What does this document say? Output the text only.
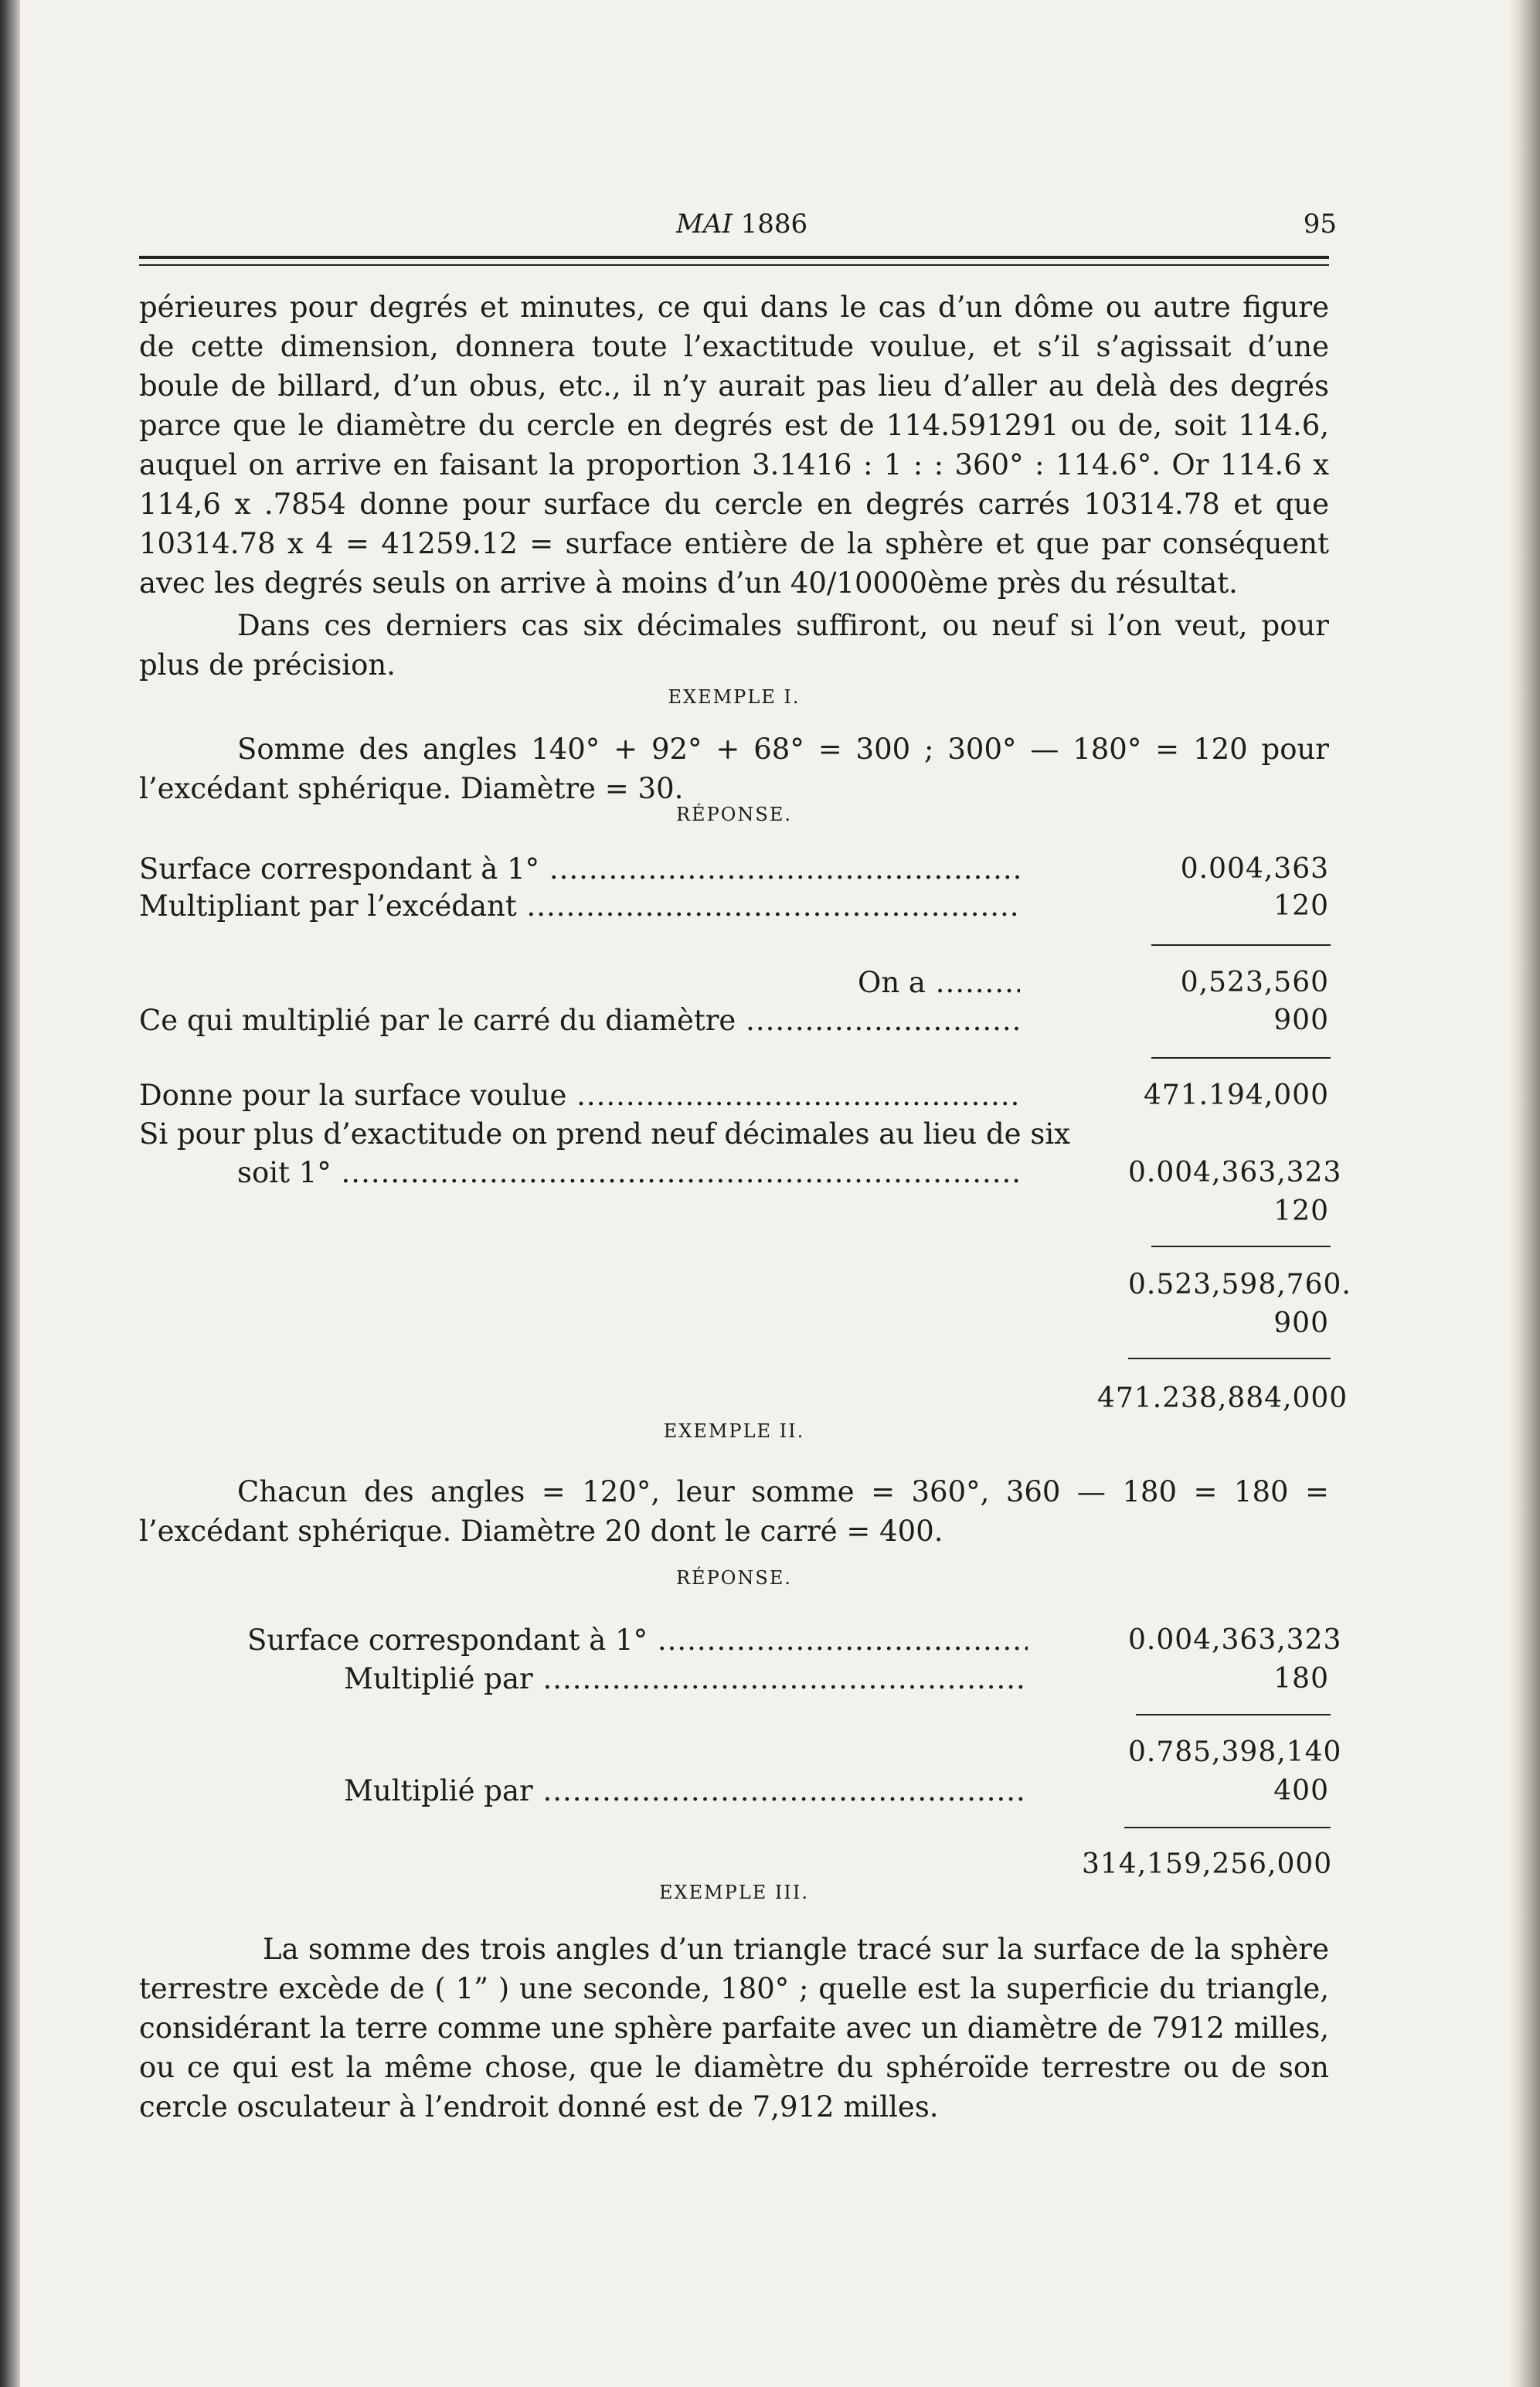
MAI 1886	95

périeures pour degrés et minutes, ce qui dans le cas d’un dôme ou autre figure de cette dimension, donnera toute l’exactitude voulue, et s’il s’agissait d’une boule de billard, d’un obus, etc., il n’y aurait pas lieu d’aller au delà des degrés parce que le diamètre du cercle en degrés est de 114.591291 ou de, soit 114.6, auquel on arrive en faisant la proportion 3.1416 : 1 : : 360° : 114.6°. Or 114.6 x 114,6 x .7854 donne pour surface du cercle en degrés carrés 10314.78 et que 10314.78 x 4 = 41259.12 = surface entière de la sphère et que par conséquent avec les degrés seuls on arrive à moins d’un 40/10000ème près du résultat.

Dans ces derniers cas six décimales suffiront, ou neuf si l’on veut, pour plus de précision.

EXEMPLE I.

Somme des angles 140° + 92° + 68° = 300 ; 300° — 180° = 120 pour l’excédant sphérique. Diamètre = 30.

RÉPONSE.
Surface correspondant à 1° .....	0.004,363
Multipliant par l’excédant .....	120
On a .....	0,523,560
Ce qui multiplié par le carré du diamètre .....	900
Donne pour la surface voulue .....	471.194,000
Si pour plus d’exactitude on prend neuf décimales au lieu de six
soit 1° .....	0.004,363,323
120
0.523,598,760.
900
471.238,884,000
EXEMPLE II.

Chacun des angles = 120°, leur somme = 360°, 360 — 180 = 180 = l’excédant sphérique. Diamètre 20 dont le carré = 400.

RÉPONSE.
Surface correspondant à 1° .....	0.004,363,323
Multiplié par .....	180
0.785,398,140
Multiplié par .....	400
314,159,256,000
EXEMPLE III.

La somme des trois angles d’un triangle tracé sur la surface de la sphère terrestre excède de ( 1” ) une seconde, 180° ; quelle est la superficie du triangle, considérant la terre comme une sphère parfaite avec un diamètre de 7912 milles, ou ce qui est la même chose, que le diamètre du sphéroïde terrestre ou de son cercle osculateur à l’endroit donné est de 7,912 milles.
